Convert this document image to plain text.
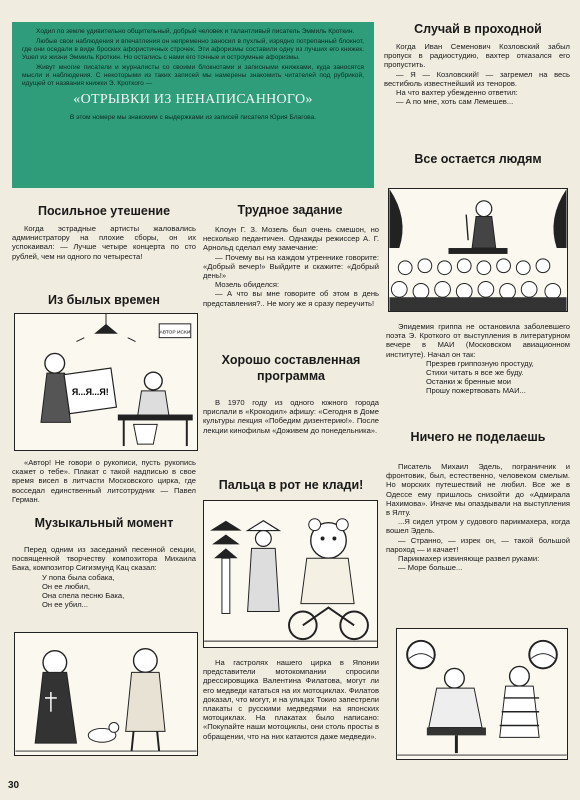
Ходил по земле удивительно общительный, добрый человек и талантливый писатель Эммиль Кроткин.

Любые свои наблюдения и впечатления он непременно заносил в пухлый, изрядно потрепанный блокнот, где они оседали в виде броских афористичных строчек. Эти афоризмы составили одну из лучших его книжек. Ушел из жизни Эммиль Кроткин. Но остались с нами его точные и остроумные афоризмы.

Живут многие писатели и журналисты со своими блокнотами и записными книжками, куда заносятся мысли и наблюдения. С некоторыми из таких записей мы намерены знакомить читателей под рубрикой, идущей от названия книжки Э. Кроткого —

«ОТРЫВКИ ИЗ НЕНАПИСАННОГО»

В этом номере мы знакомим с выдержками из записей писателя Юрия Благова.

Посильное утешение

Когда эстрадные артисты жаловались администратору на плохие сборы, он их успокаивал: — Лучше четыре концерта по сто рублей, чем ни одного по четыреста!

Из былых времен
АВТОР ИСКИ
Я...Я...Я!

«Автор! Не говори о рукописи, пусть рукопись скажет о тебе». Плакат с такой надписью в свое время висел в литчасти Московского цирка, где восседал единственный литсотрудник — Павел Герман.

Музыкальный момент

Перед одним из заседаний песенной секции, посвященной творчеству композитора Михаила Бака, композитор Сигизмунд Кац сказал:

У попа была собака,

Он ее любил,

Она спела песню Бака,

Он ее убил...

Трудное задание

Клоун Г. З. Мозель был очень смешон, но несколько педантичен. Однажды режиссер А. Г. Арнольд сделал ему замечание:

— Почему вы на каждом утреннике говорите: «Добрый вечер!» Выйдите и скажите: «Добрый день!»

Мозель обиделся:

— А что вы мне говорите об этом в день представления?.. Не могу же я сразу переучить!

Хорошо составленная программа

В 1970 году из одного южного города прислали в «Крокодил» афишу: «Сегодня в Доме культуры лекция «Победим дизентерию!». После лекции кинофильм «Доживем до понедельника».

Пальца в рот не клади!

На гастролях нашего цирка в Японии представители мотокомпании спросили дрессировщика Валентина Филатова, могут ли его медведи кататься на их мотоциклах. Филатов доказал, что могут, и на улицах Токио запестрели плакаты с русскими медведями на японских мотоциклах. На плакатах было написано: «Покупайте наши мотоциклы, они столь просты в обращении, что на них катаются даже медведи».

Случай в проходной

Когда Иван Семенович Козловский забыл пропуск в радиостудию, вахтер отказался его пропустить.

— Я — Козловский! — загремел на весь вестибюль известнейший из теноров.

На что вахтер убежденно ответил:

— А по мне, хоть сам Лемешев...

Все остается людям

Эпидемия гриппа не остановила заболевшего поэта Э. Кроткого от выступления в литературном вечере в МАИ (Московском авиационном институте). Начал он так:

Презрев гриппозную простуду,

Стихи читать я все же буду.

Останки ж бренные мои

Прошу пожертвовать МАИ...

Ничего не поделаешь

Писатель Михаил Эдель, пограничник и фронтовик, был, естественно, человеком смелым. Но морских путешествий не любил. Все же в Одессе ему пришлось снизойти до «Адмирала Нахимова». Иначе мы опаздывали на выступления в Ялту.

...Я сидел утром у судового парикмахера, когда вошел Эдель.

— Странно, — изрек он, — такой большой пароход — и качает!

Парикмахер извиняюще развел руками:

— Море больше...

30
